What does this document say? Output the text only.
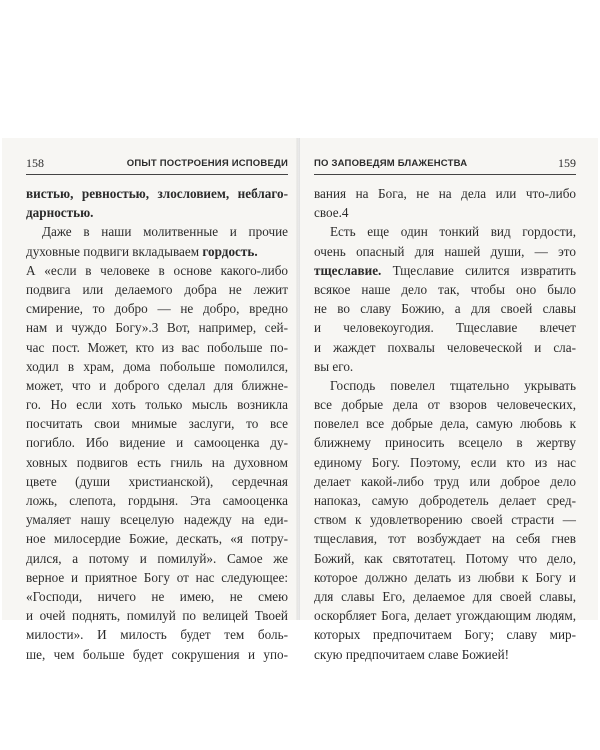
158	ОПЫТ ПОСТРОЕНИЯ ИСПОВЕДИ
вистью, ревностью, злословием, неблаго-
дарностью.
Даже в наши молитвенные и прочие
духовные подвиги вкладываем гордость.
А «если в человеке в основе какого-либо
подвига или делаемого добра не лежит
смирение, то добро — не добро, вредно
нам и чуждо Богу».3 Вот, например, сей-
час пост. Может, кто из вас побольше по-
ходил в храм, дома побольше помолился,
может, что и доброго сделал для ближне-
го. Но если хоть только мысль возникла
посчитать свои мнимые заслуги, то все
погибло. Ибо видение и самооценка ду-
ховных подвигов есть гниль на духовном
цвете (души христианской), сердечная
ложь, слепота, гордыня. Эта самооценка
умаляет нашу всецелую надежду на еди-
ное милосердие Божие, дескать, «я потру-
дился, а потому и помилуй». Самое же
верное и приятное Богу от нас следующее:
«Господи, ничего не имею, не смею
и очей поднять, помилуй по велицей Твоей
милости». И милость будет тем боль-
ше, чем больше будет сокрушения и упо-
ПО ЗАПОВЕДЯМ БЛАЖЕНСТВА	159
вания на Бога, не на дела или что-либо
свое.4
Есть еще один тонкий вид гордости,
очень опасный для нашей души, — это
тщеславие. Тщеславие силится извратить
всякое наше дело так, чтобы оно было
не во славу Божию, а для своей славы
и человекоугодия. Тщеславие влечет
и жаждет похвалы человеческой и сла-
вы его.
Господь повелел тщательно укрывать
все добрые дела от взоров человеческих,
повелел все добрые дела, самую любовь к
ближнему приносить всецело в жертву
единому Богу. Поэтому, если кто из нас
делает какой-либо труд или доброе дело
напоказ, самую добродетель делает сред-
ством к удовлетворению своей страсти —
тщеславия, тот возбуждает на себя гнев
Божий, как святотатец. Потому что дело,
которое должно делать из любви к Богу и
для славы Его, делаемое для своей славы,
оскорбляет Бога, делает угождающим людям,
которых предпочитаем Богу; славу мир-
скую предпочитаем славе Божией!
